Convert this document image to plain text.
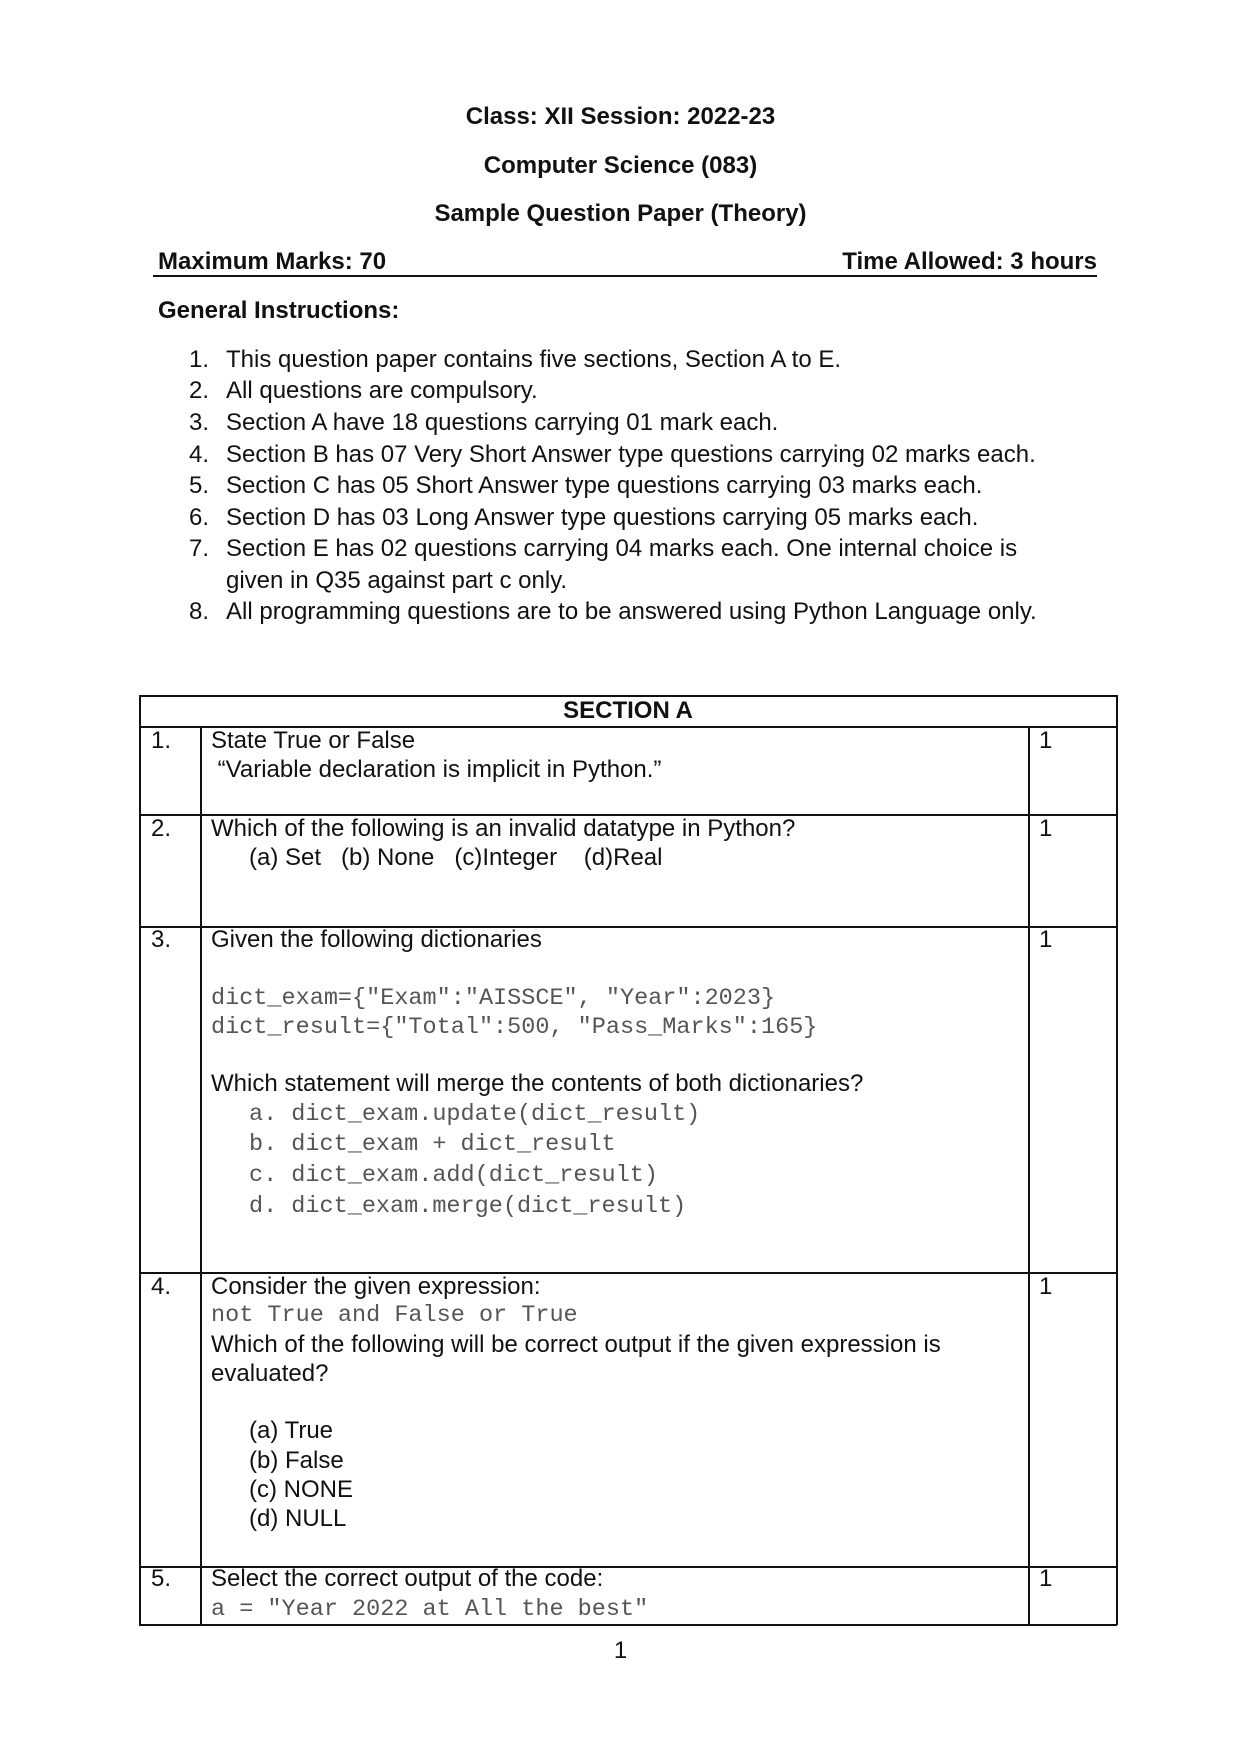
Class: XII Session: 2022-23
Computer Science (083)
Sample Question Paper (Theory)
Maximum Marks: 70	Time Allowed: 3 hours
General Instructions:
1. This question paper contains five sections, Section A to E.
2. All questions are compulsory.
3. Section A have 18 questions carrying 01 mark each.
4. Section B has 07 Very Short Answer type questions carrying 02 marks each.
5. Section C has 05 Short Answer type questions carrying 03 marks each.
6. Section D has 03 Long Answer type questions carrying 05 marks each.
7. Section E has 02 questions carrying 04 marks each. One internal choice is
given in Q35 against part c only.
8. All programming questions are to be answered using Python Language only.
SECTION A
1. State True or False
“Variable declaration is implicit in Python.”
1
2. Which of the following is an invalid datatype in Python?
(a) Set   (b) None   (c)Integer    (d)Real
1
3. Given the following dictionaries
dict_exam={"Exam":"AISSCE", "Year":2023}
dict_result={"Total":500, "Pass_Marks":165}
Which statement will merge the contents of both dictionaries?
a. dict_exam.update(dict_result)
b. dict_exam + dict_result
c. dict_exam.add(dict_result)
d. dict_exam.merge(dict_result)
1
4. Consider the given expression:
not True and False or True
Which of the following will be correct output if the given expression is
evaluated?
(a) True
(b) False
(c) NONE
(d) NULL
1
5. Select the correct output of the code:
a = "Year 2022 at All the best"
1
1
